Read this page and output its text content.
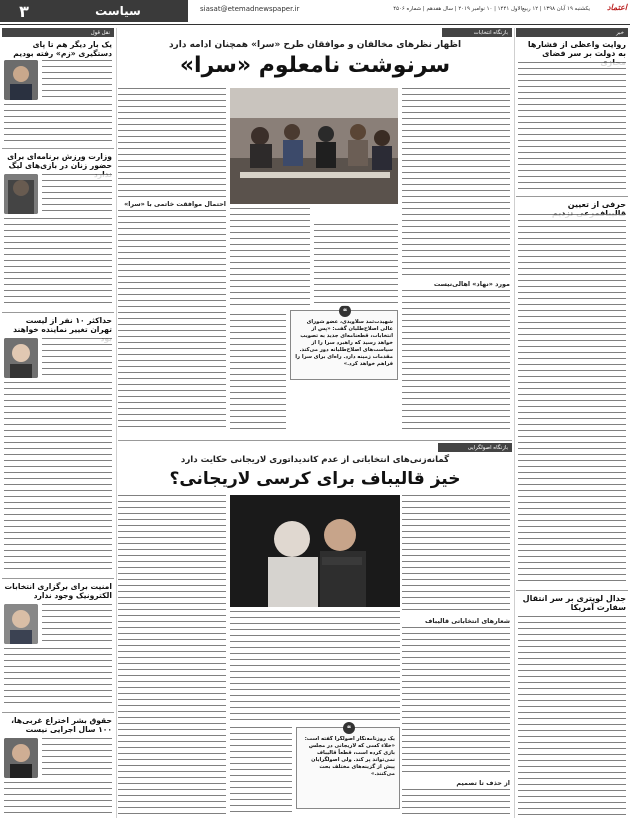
۳	سیاست	siasat@etemadnewspaper.ir	یکشنبه ۱۹ آبان ۱۳۹۸ | ۱۲ ربیع‌الاول ۱۴۴۱ | ۱۰ نوامبر ۲۰۱۹ | سال هفدهم | شماره ۴۵۰۶ اعتماد
خبر
روایت واعظی از فشارها به دولت بر سر فضای
حرفی از تعیین
جدال لویتری بر سر انتقال سفارت آمریکا
بازنگاه انتخابات
اظهار نظرهای مخالفان و موافقان طرح «سرا» همچنان ادامه دارد
سرنوشت نامعلوم «سرا»
مورد «نهاد» اهالی‌نیست
❝
شهیدت‌ثمد سلاویدی، عضو شورای عالی اصلاح‌طلبان گفت: «پس از انتخابات، قطعنامه‌ای جدید به تصویب خواهد رسید که راهبرد سرا را از سیاست‌های اصلاح‌طلبانه دور می‌کند. مقدمات زمینه دارد. راه‌ای برای سرا را فراهم خواهد کرد.»
احتمال موافقت خاتمی با «سرا»
بازنگاه اصولگرایی
گمانه‌زنی‌های انتخاباتی از عدم کاندیداتوری لاریجانی حکایت دارد
خیز قالیباف برای کرسی لاریجانی؟
شعارهای انتخاباتی قالیباف
از حذف تا تصمیم
❝
یک روزنامه‌نگار اصولگرا گفته است: «خلاء کسی که لاریجانی در مجلس بازی کرده است، قطعاً قالیباف نمی‌تواند پر کند. ولی اصولگرایان پیش از گزینه‌های مختلف بحث می‌کنند.»
نقل قول
یک بار دیگر هم تا پای دستگیری «زم» رفته بودیم
وزارت ورزش برنامه‌ای برای حضور زنان در بازی‌های لیگ
حداکثر ۱۰ نفر از لیست تهران تغییر نماینده خواهند
امنیت برای برگزاری انتخابات الکترونیک وجود ندارد
حقوق بشر اختراع غربی‌ها، ۱۰۰ سال اجرایی نیست
